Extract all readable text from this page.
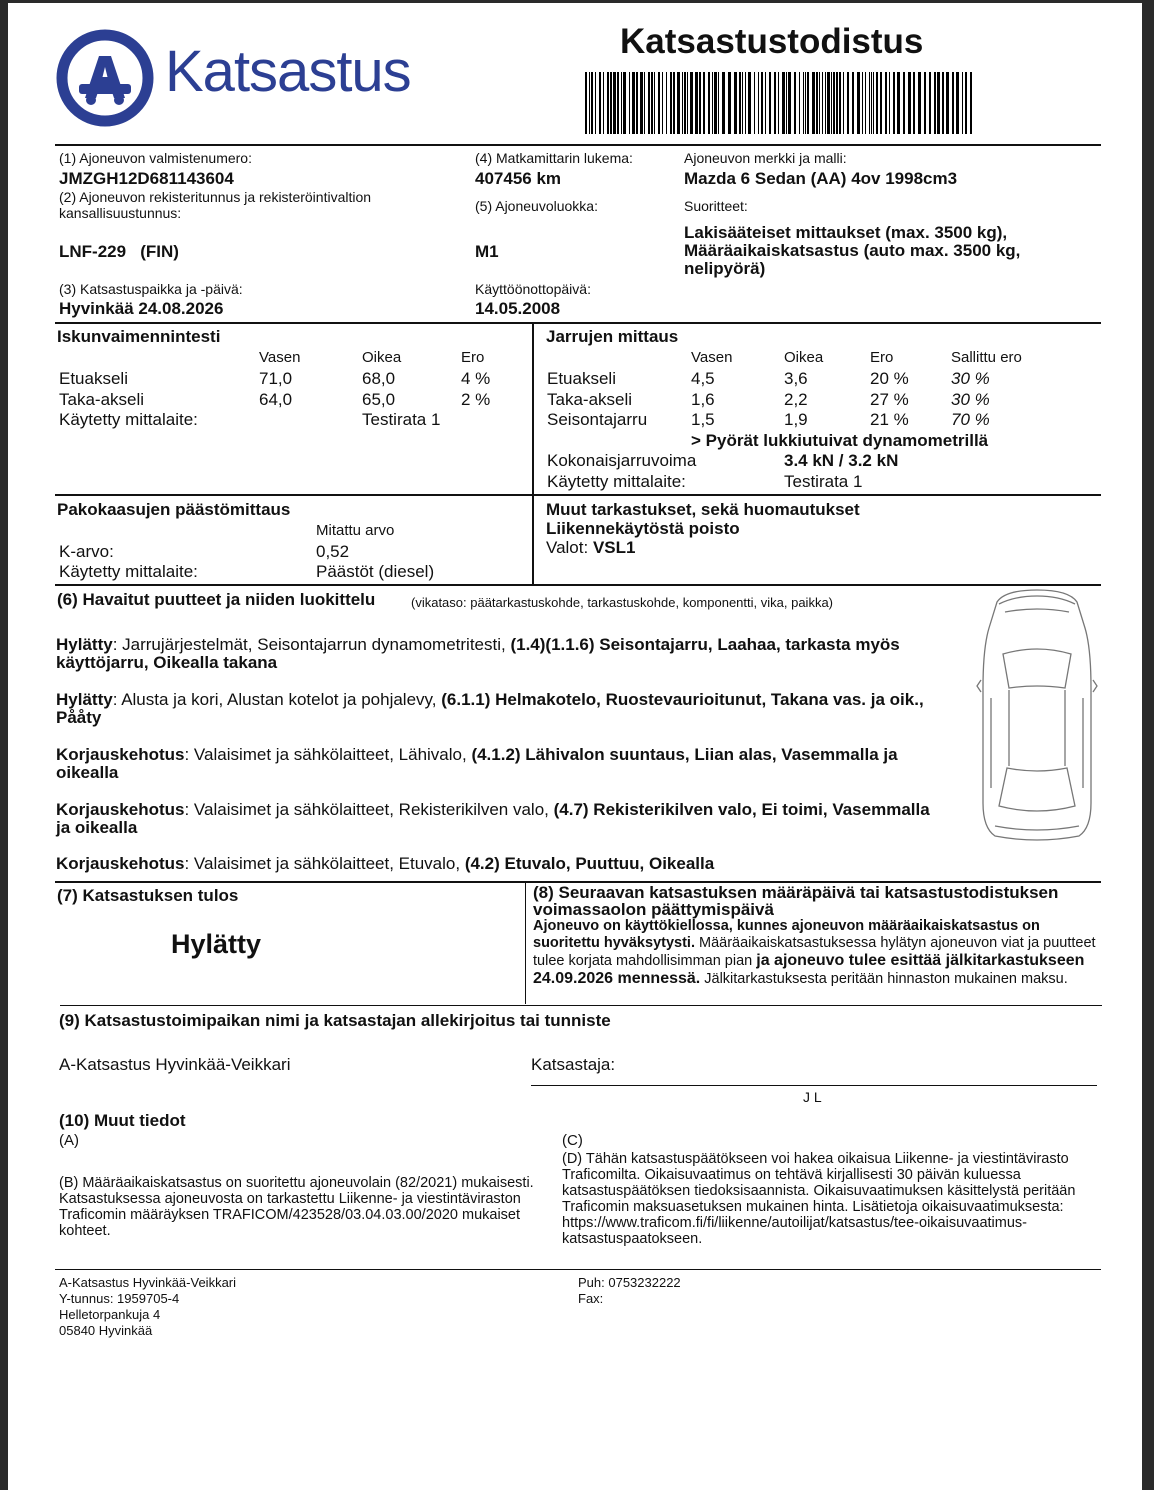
Katsastus	Katsastustodistus
(1) Ajoneuvon valmistenumero:
JMZGH12D681143604
(2) Ajoneuvon rekisteritunnus ja rekisteröintivaltion kansallisuustunnus:
LNF-229   (FIN)
(3) Katsastuspaikka ja -päivä:
Hyvinkää 24.08.2026
(4) Matkamittarin lukema:
407456 km
(5) Ajoneuvoluokka:
M1
Käyttöönottopäivä:
14.05.2008
Ajoneuvon merkki ja malli:
Mazda 6 Sedan (AA) 4ov 1998cm3
Suoritteet:
Lakisääteiset mittaukset (max. 3500 kg), Määräaikaiskatsastus (auto max. 3500 kg, nelipyörä)
Iskunvaimennintesti
Vasen	Oikea	Ero
Etuakseli	71,0	68,0	4 %
Taka-akseli	64,0	65,0	2 %
Käytetty mittalaite:	Testirata 1
Jarrujen mittaus
Vasen	Oikea	Ero	Sallittu ero
Etuakseli	4,5	3,6	20 % 30 %
Taka-akseli	1,6	2,2	27 % 30 %
Seisontajarru	1,5	1,9	21 % 70 %
> Pyörät lukkiutuivat dynamometrillä
Kokonaisjarruvoima	3.4 kN / 3.2 kN
Käytetty mittalaite:	Testirata 1
Pakokaasujen päästömittaus
Mitattu arvo
K-arvo:	0,52
Käytetty mittalaite:	Päästöt (diesel)
Muut tarkastukset, sekä huomautukset
Liikennekäytöstä poisto
Valot: VSL1
(6) Havaitut puutteet ja niiden luokittelu	(vikataso: päätarkastuskohde, tarkastuskohde, komponentti, vika, paikka)
Hylätty: Jarrujärjestelmät, Seisontajarrun dynamometritesti, (1.4)(1.1.6) Seisontajarru, Laahaa, tarkasta myös käyttöjarru, Oikealla takana
Hylätty: Alusta ja kori, Alustan kotelot ja pohjalevy, (6.1.1) Helmakotelo, Ruostevaurioitunut, Takana vas. ja oik., Pååty
Korjauskehotus: Valaisimet ja sähkölaitteet, Lähivalo, (4.1.2) Lähivalon suuntaus, Liian alas, Vasemmalla ja oikealla
Korjauskehotus: Valaisimet ja sähkölaitteet, Rekisterikilven valo, (4.7) Rekisterikilven valo, Ei toimi, Vasemmalla ja oikealla
Korjauskehotus: Valaisimet ja sähkölaitteet, Etuvalo, (4.2) Etuvalo, Puuttuu, Oikealla
(7) Katsastuksen tulos
Hylätty
(8) Seuraavan katsastuksen määräpäivä tai katsastustodistuksen voimassaolon päättymispäivä
Ajoneuvo on käyttökiellossa, kunnes ajoneuvon määräaikaiskatsastus on suoritettu hyväksytysti. Määräaikaiskatsastuksessa hylätyn ajoneuvon viat ja puutteet tulee korjata mahdollisimman pian ja ajoneuvo tulee esittää jälkitarkastukseen 24.09.2026 mennessä. Jälkitarkastuksesta peritään hinnaston mukainen maksu.
(9) Katsastustoimipaikan nimi ja katsastajan allekirjoitus tai tunniste
A-Katsastus Hyvinkää-Veikkari	Katsastaja:
J L
(10) Muut tiedot
(A)
(B) Määräaikaiskatsastus on suoritettu ajoneuvolain (82/2021) mukaisesti. Katsastuksessa ajoneuvosta on tarkastettu Liikenne- ja viestintäviraston Traficomin määräyksen TRAFICOM/423528/03.04.03.00/2020 mukaiset kohteet.
(C)
(D) Tähän katsastuspäätökseen voi hakea oikaisua Liikenne- ja viestintävirasto Traficomilta. Oikaisuvaatimus on tehtävä kirjallisesti 30 päivän kuluessa katsastuspäätöksen tiedoksisaannista. Oikaisuvaatimuksen käsittelystä peritään Traficomin maksuasetuksen mukainen hinta. Lisätietoja oikaisuvaatimuksesta: https://www.traficom.fi/fi/liikenne/autoilijat/katsastus/tee-oikaisuvaatimus-katsastuspaatokseen.
A-Katsastus Hyvinkää-Veikkari
Y-tunnus: 1959705-4
Helletorpankuja 4
05840 Hyvinkää
Puh: 0753232222
Fax:
